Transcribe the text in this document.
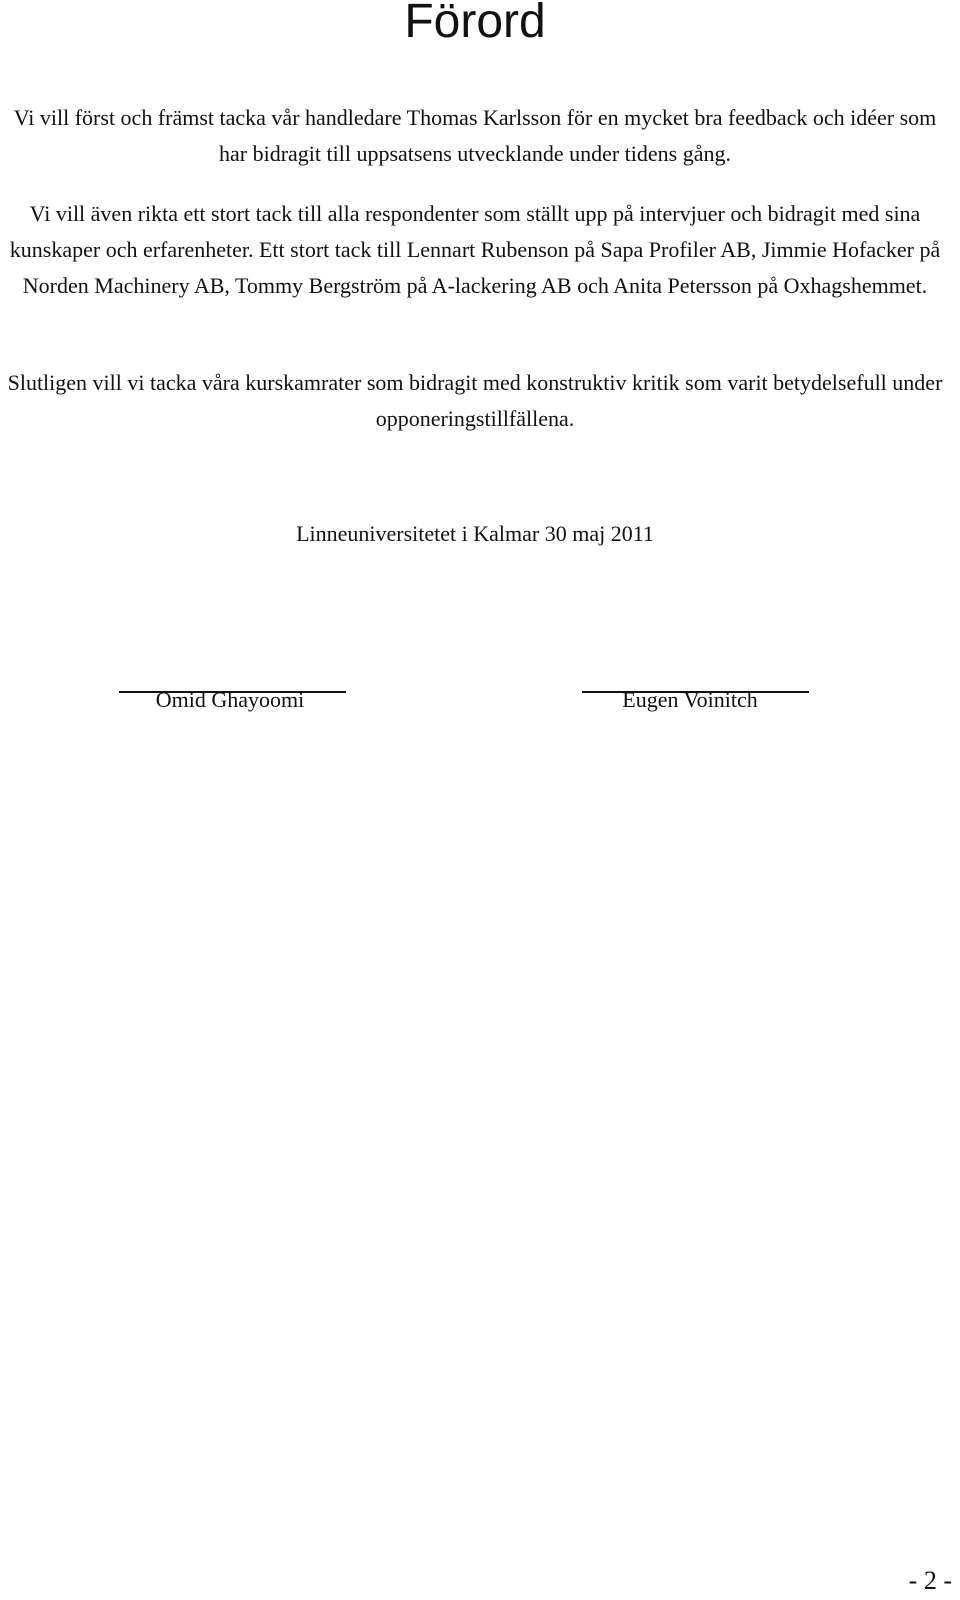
Förord

Vi vill först och främst tacka vår handledare Thomas Karlsson för en mycket bra feedback och idéer som har bidragit till uppsatsens utvecklande under tidens gång.

Vi vill även rikta ett stort tack till alla respondenter som ställt upp på intervjuer och bidragit med sina kunskaper och erfarenheter. Ett stort tack till Lennart Rubenson på Sapa Profiler AB, Jimmie Hofacker på Norden Machinery AB, Tommy Bergström på A-lackering AB och Anita Petersson på Oxhagshemmet.

Slutligen vill vi tacka våra kurskamrater som bidragit med konstruktiv kritik som varit betydelsefull under opponeringstillfällena.

Linneuniversitetet i Kalmar 30 maj 2011

Omid Ghayoomi	Eugen Voinitch

- 2 -
